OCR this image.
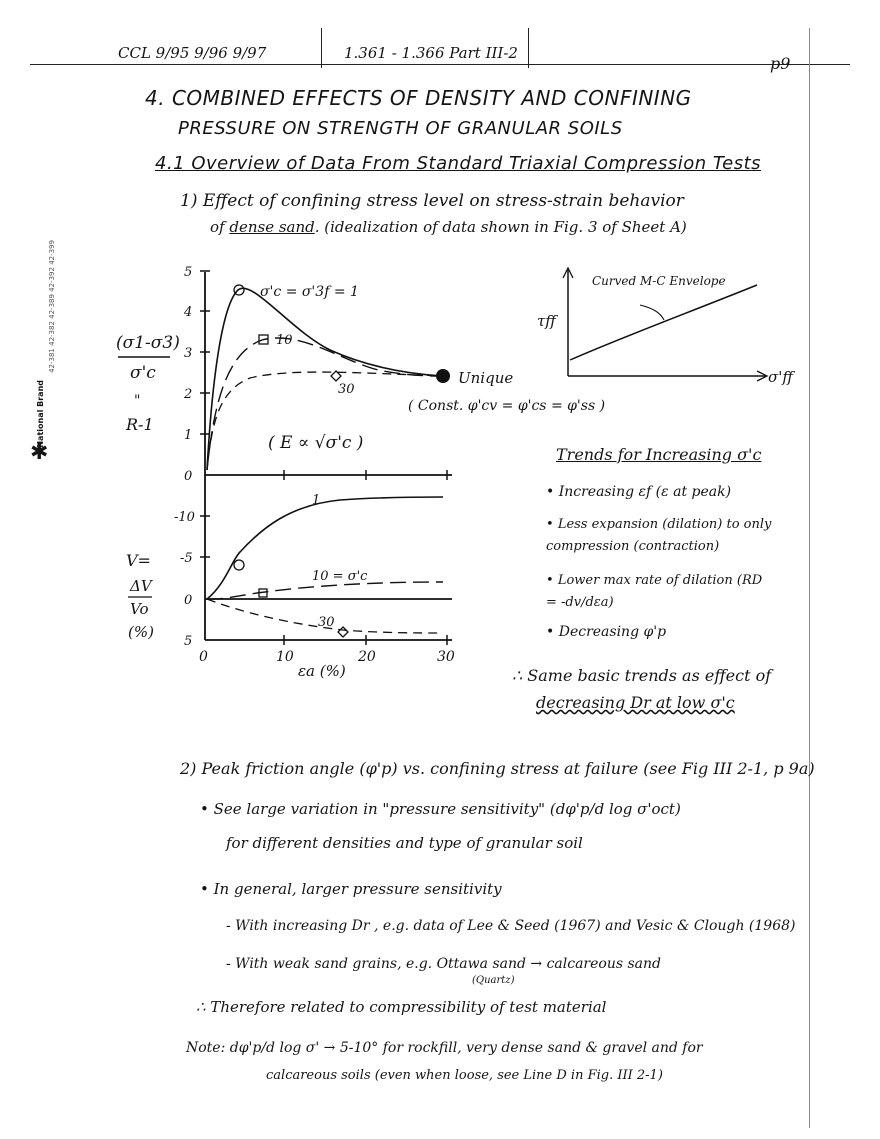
CCL 9/95 9/96 9/97	1.361 - 1.366 Part III-2
p9
42-381 42-382 42-389 42-392 42-399
National Brand
✱
4. COMBINED EFFECTS OF DENSITY AND CONFINING
PRESSURE ON STRENGTH OF GRANULAR SOILS
4.1 Overview of Data From Standard Triaxial Compression Tests
1) Effect of confining stress level on stress-strain behavior
of dense sand. (idealization of data shown in Fig. 3 of Sheet A)
5
4
3
2
1
0
σ'c = σ'3f = 1
10
30
Unique
( Const. φ'cv = φ'cs = φ'ss )
( E ∝ √σ'c )
(σ1-σ3)
σ'c
"
R-1
-10
-5
0
5
0	10	20	30
εa (%)
1
10 = σ'c
30
V=
ΔV
Vo
(%)
Curved M-C Envelope
τff
σ'ff
Trends for Increasing σ'c
• Increasing εf (ε at peak)
• Less expansion (dilation) to only compression (contraction)
• Lower max rate of dilation (RD = -dv/dεa)
• Decreasing φ'p
∴ Same basic trends as effect of
decreasing Dr at low σ'c
2) Peak friction angle (φ'p) vs. confining stress at failure (see Fig III 2-1, p 9a)
• See large variation in "pressure sensitivity" (dφ'p/d log σ'oct)
for different densities and type of granular soil
• In general, larger pressure sensitivity
- With increasing Dr , e.g. data of Lee & Seed (1967) and Vesic & Clough (1968)
- With weak sand grains, e.g. Ottawa sand → calcareous sand
(Quartz)
∴ Therefore related to compressibility of test material
Note: dφ'p/d log σ' → 5-10° for rockfill, very dense sand & gravel and for
calcareous soils (even when loose, see Line D in Fig. III 2-1)
